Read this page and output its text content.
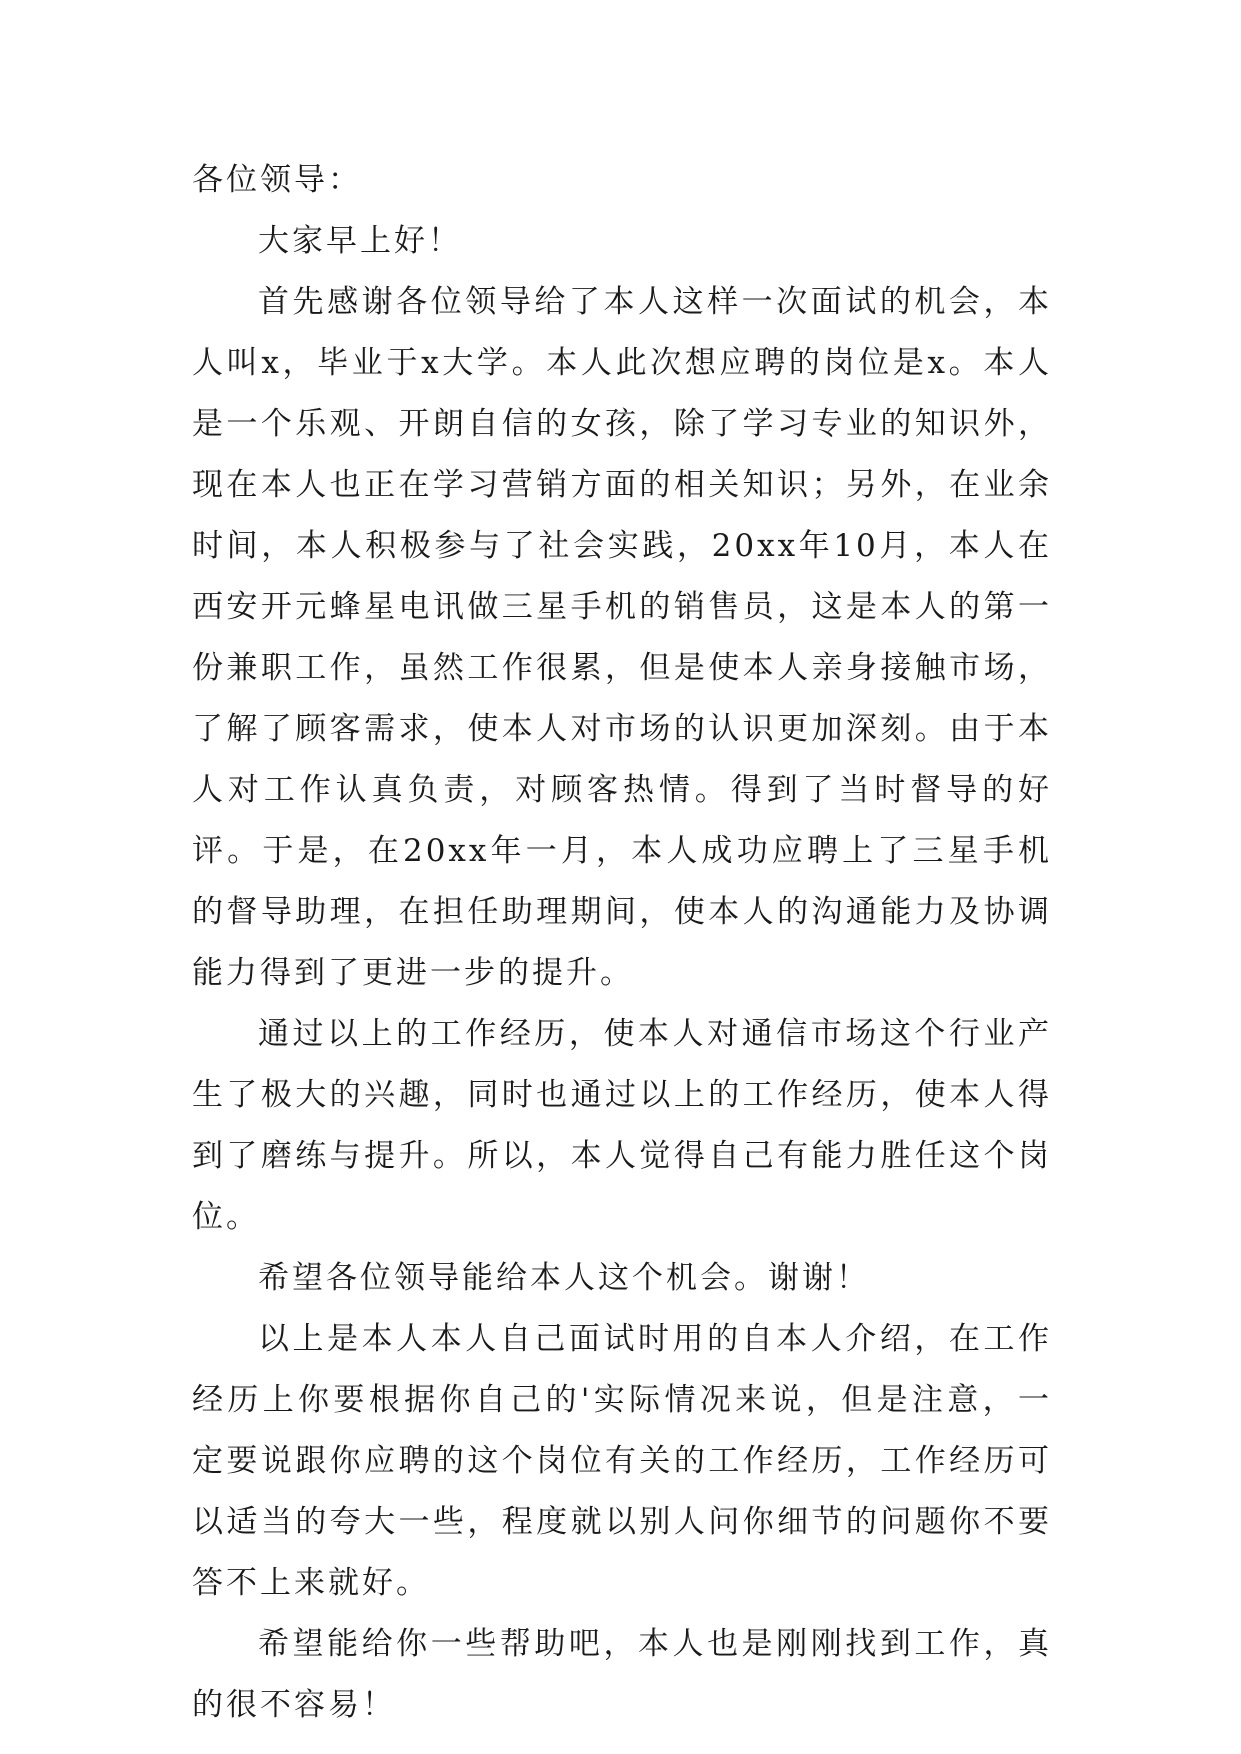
各位领导：

大家早上好！

首先感谢各位领导给了本人这样一次面试的机会，本人叫x，毕业于x大学。本人此次想应聘的岗位是x。本人是一个乐观、开朗自信的女孩，除了学习专业的知识外，现在本人也正在学习营销方面的相关知识；另外，在业余时间，本人积极参与了社会实践，20xx年10月，本人在西安开元蜂星电讯做三星手机的销售员，这是本人的第一份兼职工作，虽然工作很累，但是使本人亲身接触市场，了解了顾客需求，使本人对市场的认识更加深刻。由于本人对工作认真负责，对顾客热情。得到了当时督导的好评。于是，在20xx年一月，本人成功应聘上了三星手机的督导助理，在担任助理期间，使本人的沟通能力及协调能力得到了更进一步的提升。

通过以上的工作经历，使本人对通信市场这个行业产生了极大的兴趣，同时也通过以上的工作经历，使本人得到了磨练与提升。所以，本人觉得自己有能力胜任这个岗位。

希望各位领导能给本人这个机会。谢谢！

以上是本人本人自己面试时用的自本人介绍，在工作经历上你要根据你自己的'实际情况来说，但是注意，一定要说跟你应聘的这个岗位有关的工作经历，工作经历可以适当的夸大一些，程度就以别人问你细节的问题你不要答不上来就好。

希望能给你一些帮助吧，本人也是刚刚找到工作，真的很不容易！
